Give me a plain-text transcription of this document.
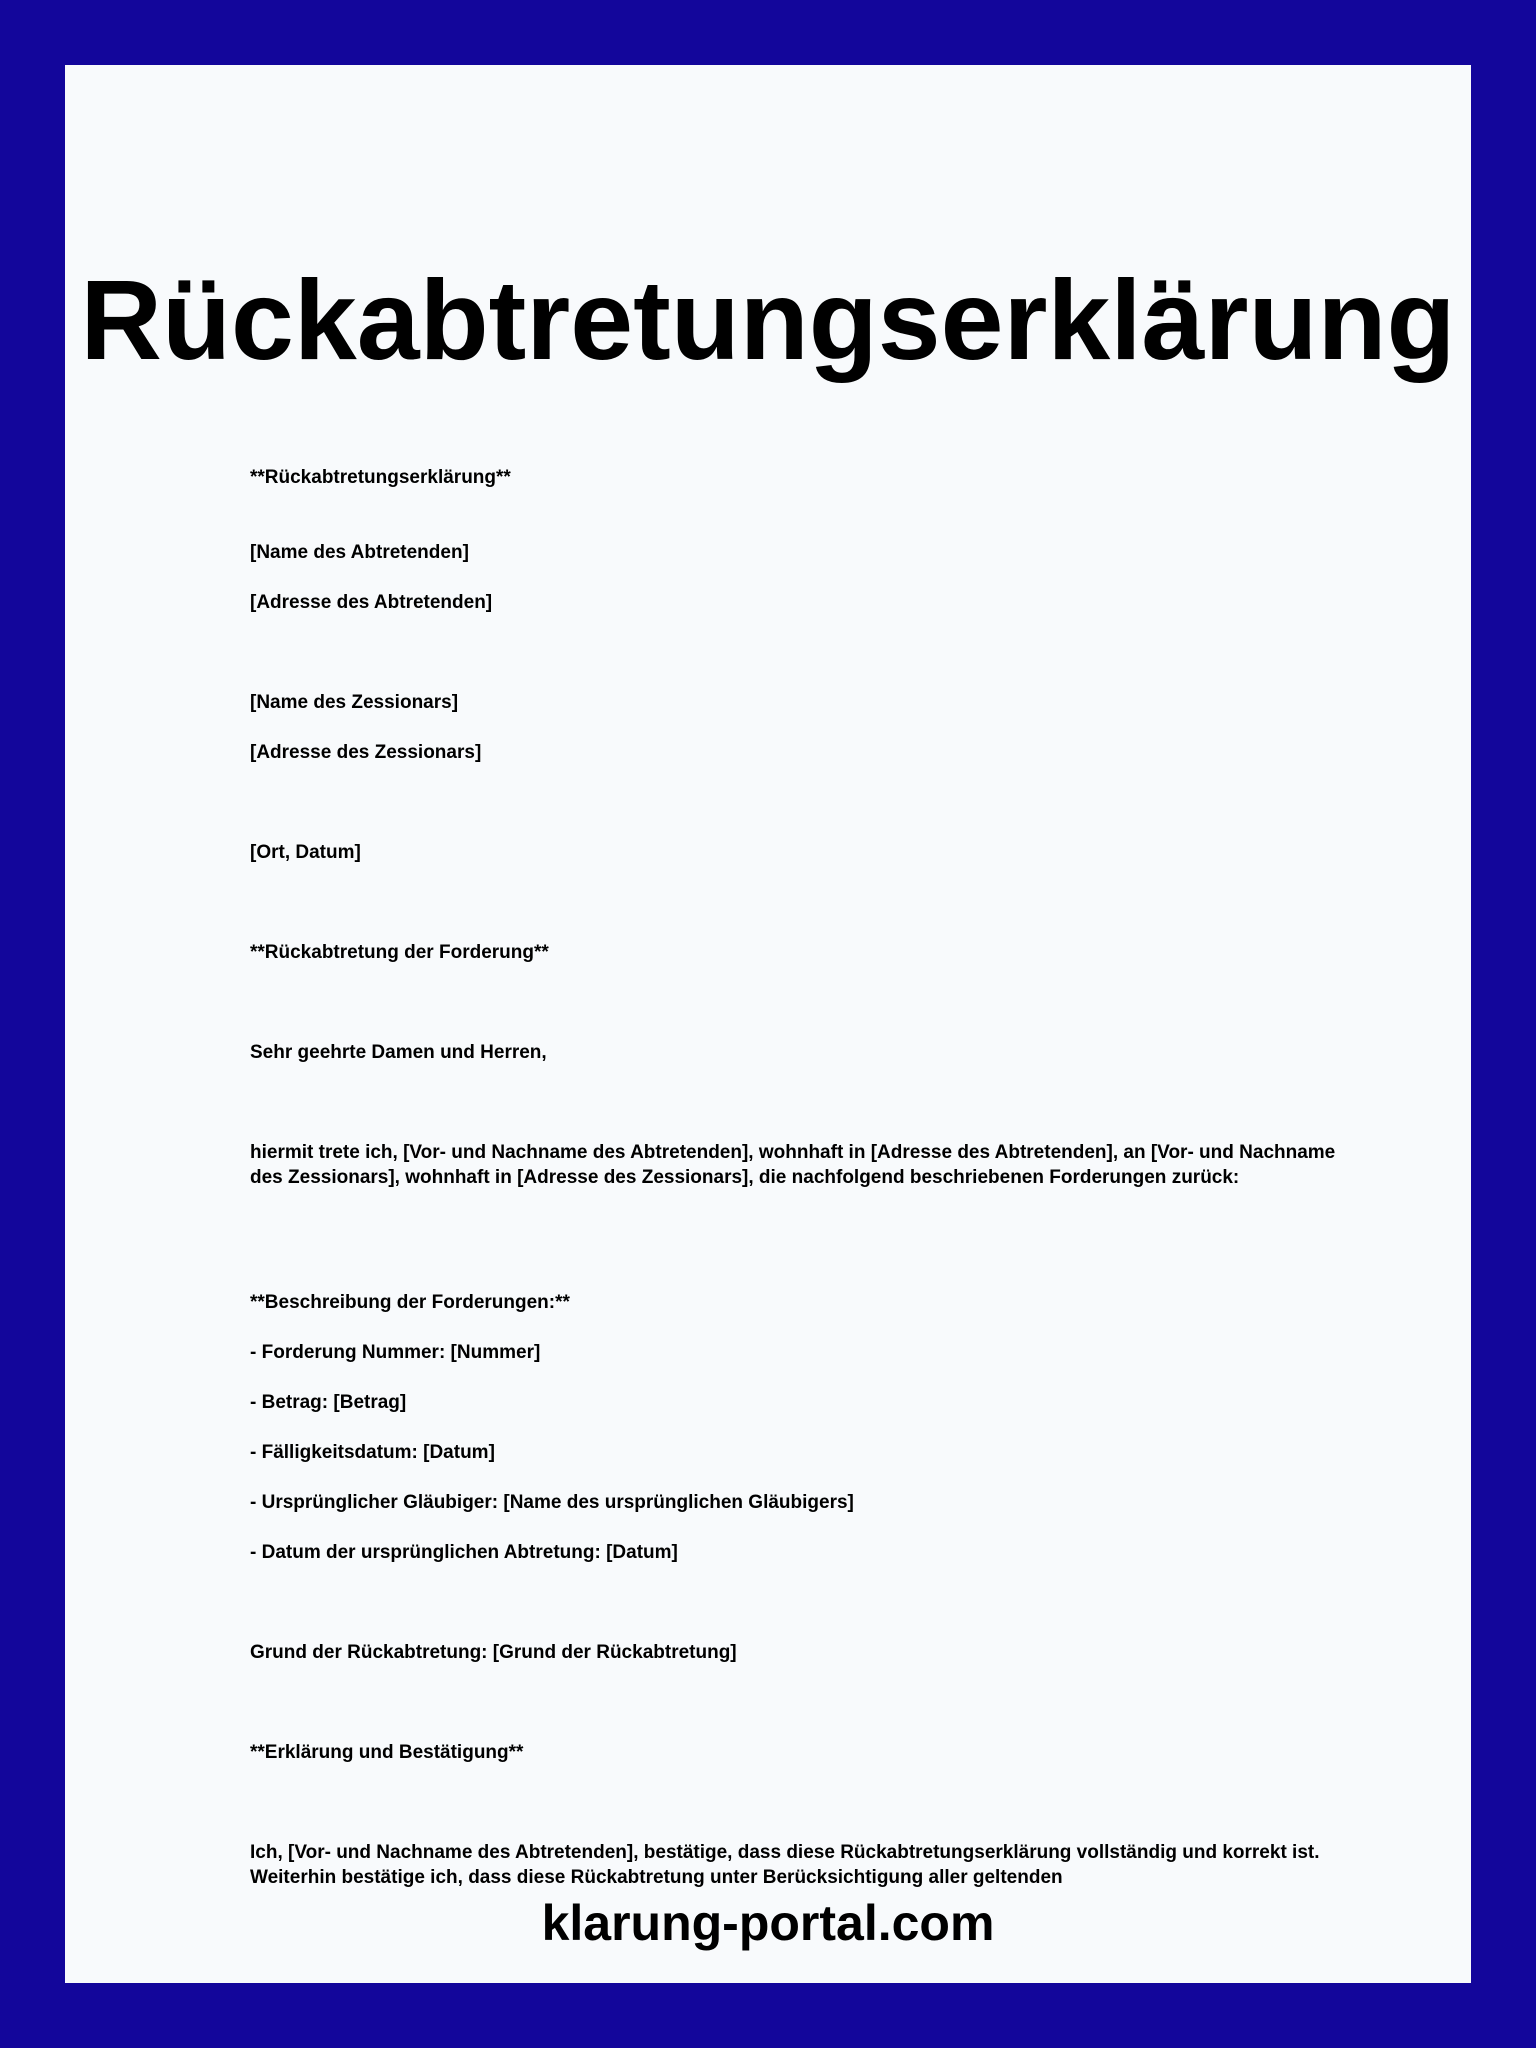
Rückabtretungserklärung

**Rückabtretungserklärung**

[Name des Abtretenden]

[Adresse des Abtretenden]

[Name des Zessionars]

[Adresse des Zessionars]

[Ort, Datum]

**Rückabtretung der Forderung**

Sehr geehrte Damen und Herren,

hiermit trete ich, [Vor- und Nachname des Abtretenden], wohnhaft in [Adresse des Abtretenden], an [Vor- und Nachname des Zessionars], wohnhaft in [Adresse des Zessionars], die nachfolgend beschriebenen Forderungen zurück:

**Beschreibung der Forderungen:**

- Forderung Nummer: [Nummer]

- Betrag: [Betrag]

- Fälligkeitsdatum: [Datum]

- Ursprünglicher Gläubiger: [Name des ursprünglichen Gläubigers]

- Datum der ursprünglichen Abtretung: [Datum]

Grund der Rückabtretung: [Grund der Rückabtretung]

**Erklärung und Bestätigung**

Ich, [Vor- und Nachname des Abtretenden], bestätige, dass diese Rückabtretungserklärung vollständig und korrekt ist. Weiterhin bestätige ich, dass diese Rückabtretung unter Berücksichtigung aller geltenden

klarung-portal.com
